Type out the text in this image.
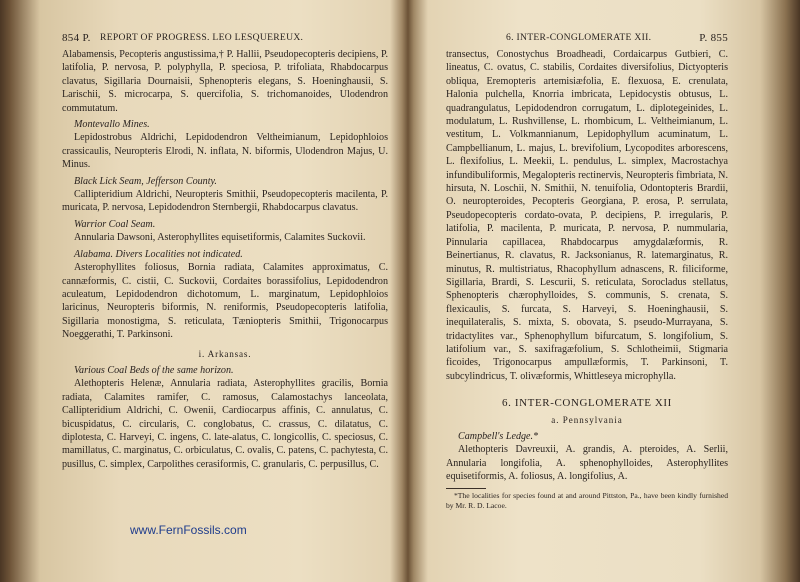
854 P. REPORT OF PROGRESS. LEO LESQUEREUX.

Alabamensis, Pecopteris angustissima,† P. Hallii, Pseudopecopteris decipiens, P. latifolia, P. nervosa, P. polyphylla, P. speciosa, P. trifoliata, Rhabdocarpus clavatus, Sigillaria Dournaisii, Sphenopteris elegans, S. Hoeninghausii, S. Larischii, S. microcarpa, S. quercifolia, S. trichomanoides, Ulodendron commutatum.

Montevallo Mines.

Lepidostrobus Aldrichi, Lepidodendron Veltheimianum, Lepidophloios crassicaulis, Neuropteris Elrodi, N. inflata, N. biformis, Ulodendron Majus, U. Minus.

Black Lick Seam, Jefferson County.

Callipteridium Aldrichi, Neuropteris Smithii, Pseudopecopteris macilenta, P. muricata, P. nervosa, Lepidodendron Sternbergii, Rhabdocarpus clavatus.

Warrior Coal Seam.

Annularia Dawsoni, Asterophyllites equisetiformis, Calamites Suckovii.

Alabama. Divers Localities not indicated.

Asterophyllites foliosus, Bornia radiata, Calamites approximatus, C. cannæformis, C. cistii, C. Suckovii, Cordaites borassifolius, Lepidodendron aculeatum, Lepidodendron dichotomum, L. marginatum, Lepidophloios laricinus, Neuropteris biformis, N. reniformis, Pseudopecopteris latifolia, Sigillaria monostigma, S. reticulata, Tæniopteris Smithii, Trigonocarpus Noeggerathi, T. Parkinsoni.

i. Arkansas.
Various Coal Beds of the same horizon.

Alethopteris Helenæ, Annularia radiata, Asterophyllites gracilis, Bornia radiata, Calamites ramifer, C. ramosus, Calamostachys lanceolata, Callipteridium Aldrichi, C. Owenii, Cardiocarpus affinis, C. annulatus, C. bicuspidatus, C. circularis, C. conglobatus, C. crassus, C. dilatatus, C. diplotesta, C. Harveyi, C. ingens, C. late-alatus, C. longicollis, C. speciosus, C. mamillatus, C. marginatus, C. orbiculatus, C. ovalis, C. patens, C. pachytesta, C. pusillus, C. simplex, Carpolithes cerasiformis, C. granularis, C. perpusillus, C.

6. INTER-CONGLOMERATE XII.	P. 855

transectus, Conostychus Broadheadi, Cordaicarpus Gutbieri, C. lineatus, C. ovatus, C. stabilis, Cordaites diversifolius, Dictyopteris obliqua, Eremopteris artemisiæfolia, E. flexuosa, E. crenulata, Halonia pulchella, Knorria imbricata, Lepidocystis obtusus, L. quadrangulatus, Lepidodendron corrugatum, L. diplotegeinides, L. modulatum, L. Rushvillense, L. rhombicum, L. Veltheimianum, L. vestitum, L. Volkmannianum, Lepidophyllum acuminatum, L. Campbellianum, L. majus, L. brevifolium, Lycopodites arborescens, L. flexifolius, L. Meekii, L. pendulus, L. simplex, Macrostachya infundibuliformis, Megalopteris rectinervis, Neuropteris fimbriata, N. hirsuta, N. Loschii, N. Smithii, N. tenuifolia, Odontopteris Brardii, O. neuropteroides, Pecopteris Georgiana, P. erosa, P. serrulata, Pseudopecopteris cordato-ovata, P. decipiens, P. irregularis, P. latifolia, P. macilenta, P. muricata, P. nervosa, P. nummularia, Pinnularia capillacea, Rhabdocarpus amygdalæformis, R. Beinertianus, R. clavatus, R. Jacksonianus, R. latemarginatus, R. minutus, R. multistriatus, Rhacophyllum adnascens, R. filiciforme, Sigillaria, Brardi, S. Lescurii, S. reticulata, Sorocladus stellatus, Sphenopteris chærophylloides, S. communis, S. crenata, S. flexicaulis, S. furcata, S. Harveyi, S. Hoeninghausii, S. inequilateralis, S. mixta, S. obovata, S. pseudo-Murrayana, S. tridactylites var., Sphenophyllum bifurcatum, S. longifolium, S. latifolium var., S. saxifragæfolium, S. Schlotheimii, Stigmaria ficoides, Trigonocarpus ampullæformis, T. Parkinsoni, T. subcylindricus, T. olivæformis, Whittleseya microphylla.

6. INTER-CONGLOMERATE XII
a. Pennsylvania
Campbell's Ledge.*

Alethopteris Davreuxii, A. grandis, A. pteroides, A. Serlii, Annularia longifolia, A. sphenophylloides, Asterophyllites equisetiformis, A. foliosus, A. longifolius, A.

*The localities for species found at and around Pittston, Pa., have been kindly furnished by Mr. R. D. Lacoe.
www.FernFossils.com
